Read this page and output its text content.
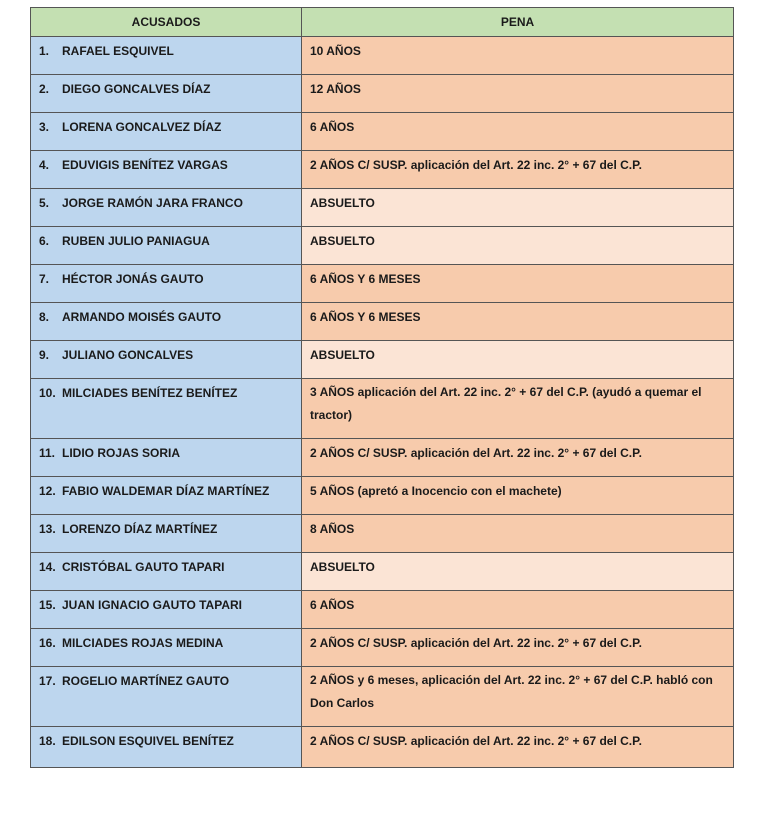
ACUSADOS	PENA
1. RAFAEL ESQUIVEL	10 AÑOS
2. DIEGO GONCALVES DÍAZ	12 AÑOS
3. LORENA GONCALVEZ DÍAZ	6 AÑOS
4. EDUVIGIS BENÍTEZ VARGAS	2 AÑOS C/ SUSP. aplicación del Art. 22 inc. 2° + 67 del C.P.
5. JORGE RAMÓN JARA FRANCO	ABSUELTO
6. RUBEN JULIO PANIAGUA	ABSUELTO
7. HÉCTOR JONÁS GAUTO	6 AÑOS Y 6 MESES
8. ARMANDO MOISÉS GAUTO	6 AÑOS Y 6 MESES
9. JULIANO GONCALVES	ABSUELTO
10. MILCIADES BENÍTEZ BENÍTEZ	3 AÑOS aplicación del Art. 22 inc. 2° + 67 del C.P. (ayudó a quemar el tractor)
11. LIDIO ROJAS SORIA	2 AÑOS C/ SUSP. aplicación del Art. 22 inc. 2° + 67 del C.P.
12. FABIO WALDEMAR DÍAZ MARTÍNEZ	5 AÑOS (apretó a Inocencio con el machete)
13. LORENZO DÍAZ MARTÍNEZ	8 AÑOS
14. CRISTÓBAL GAUTO TAPARI	ABSUELTO
15. JUAN IGNACIO GAUTO TAPARI	6 AÑOS
16. MILCIADES ROJAS MEDINA	2 AÑOS C/ SUSP. aplicación del Art. 22 inc. 2° + 67 del C.P.
17. ROGELIO MARTÍNEZ GAUTO	2 AÑOS y 6 meses, aplicación del Art. 22 inc. 2° + 67 del C.P. habló con Don Carlos
18. EDILSON ESQUIVEL BENÍTEZ	2 AÑOS C/ SUSP. aplicación del Art. 22 inc. 2° + 67 del C.P.
